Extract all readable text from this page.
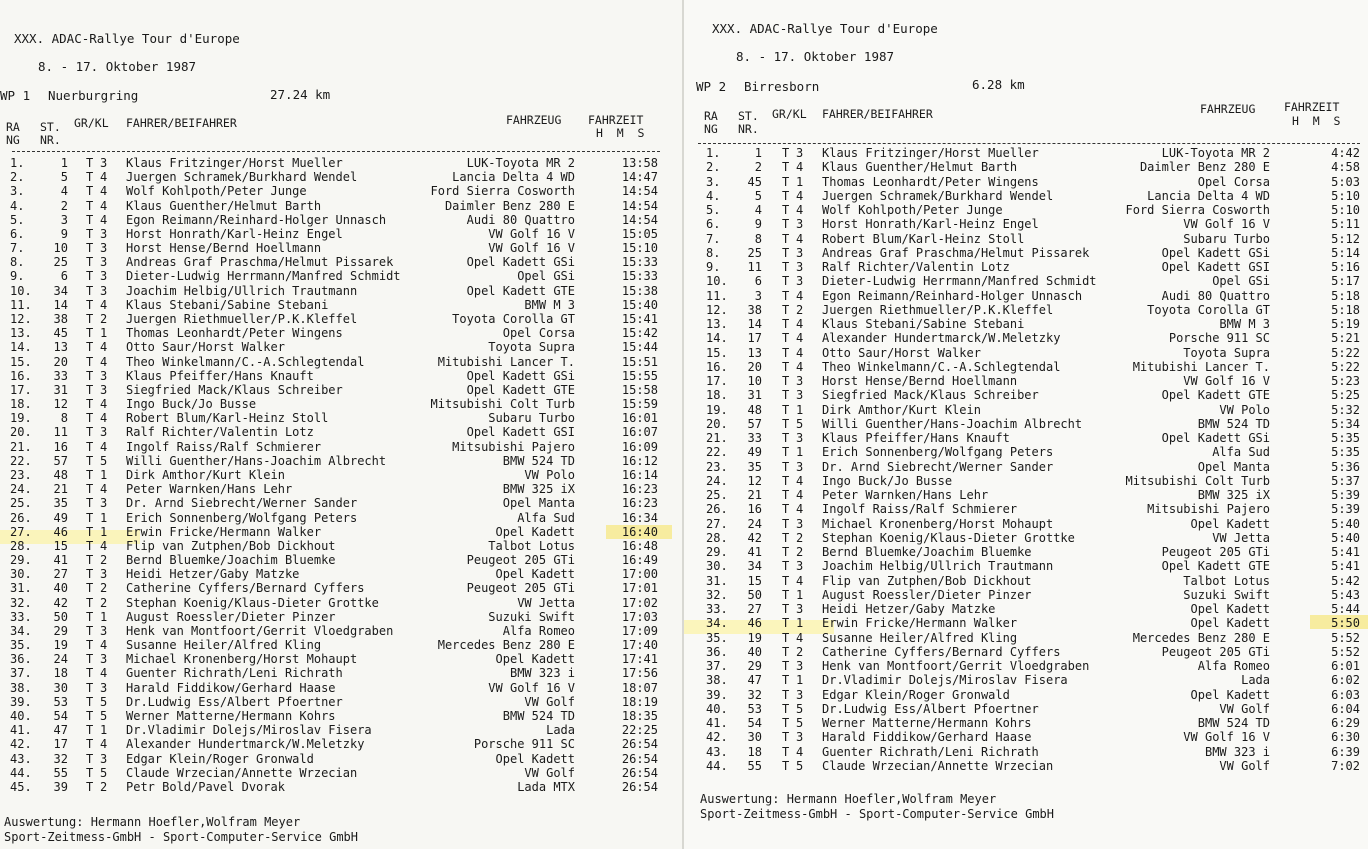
XXX. ADAC-Rallye Tour d'Europe
8. - 17. Oktober 1987
WP 1 Nuerburgring	27.24 km
RA
NG
ST.
NR.
GR/KL FAHRER/BEIFAHRER	FAHRZEUG FAHRZEIT
H  M  S
1.	1 T 3 Klaus Fritzinger/Horst Mueller	LUK-Toyota MR 2	13:58
2.	5 T 4 Juergen Schramek/Burkhard Wendel	Lancia Delta 4 WD	14:47
3.	4 T 4 Wolf Kohlpoth/Peter Junge	Ford Sierra Cosworth	14:54
4.	2 T 4 Klaus Guenther/Helmut Barth	Daimler Benz 280 E	14:54
5.	3 T 4 Egon Reimann/Reinhard-Holger Unnasch	Audi 80 Quattro	14:54
6.	9 T 3 Horst Honrath/Karl-Heinz Engel	VW Golf 16 V	15:05
7. 10 T 3 Horst Hense/Bernd Hoellmann	VW Golf 16 V	15:10
8. 25 T 3 Andreas Graf Praschma/Helmut Pissarek	Opel Kadett GSi	15:33
9.	6 T 3 Dieter-Ludwig Herrmann/Manfred Schmidt	Opel GSi	15:33
10. 34 T 3 Joachim Helbig/Ullrich Trautmann	Opel Kadett GTE	15:38
11. 14 T 4 Klaus Stebani/Sabine Stebani	BMW M 3	15:40
12. 38 T 2 Juergen Riethmueller/P.K.Kleffel	Toyota Corolla GT	15:41
13. 45 T 1 Thomas Leonhardt/Peter Wingens	Opel Corsa	15:42
14. 13 T 4 Otto Saur/Horst Walker	Toyota Supra	15:44
15. 20 T 4 Theo Winkelmann/C.-A.Schlegtendal	Mitubishi Lancer T.	15:51
16. 33 T 3 Klaus Pfeiffer/Hans Knauft	Opel Kadett GSi	15:55
17. 31 T 3 Siegfried Mack/Klaus Schreiber	Opel Kadett GTE	15:58
18. 12 T 4 Ingo Buck/Jo Busse	Mitsubishi Colt Turb	15:59
19. 8 T 4 Robert Blum/Karl-Heinz Stoll	Subaru Turbo	16:01
20. 11 T 3 Ralf Richter/Valentin Lotz	Opel Kadett GSI	16:07
21. 16 T 4 Ingolf Raiss/Ralf Schmierer	Mitsubishi Pajero	16:09
22. 57 T 5 Willi Guenther/Hans-Joachim Albrecht	BMW 524 TD	16:12
23. 48 T 1 Dirk Amthor/Kurt Klein	VW Polo	16:14
24. 21 T 4 Peter Warnken/Hans Lehr	BMW 325 iX	16:23
25. 35 T 3 Dr. Arnd Siebrecht/Werner Sander	Opel Manta	16:23
26. 49 T 1 Erich Sonnenberg/Wolfgang Peters	Alfa Sud	16:34
27. 46 T 1 Erwin Fricke/Hermann Walker	Opel Kadett	16:40
28. 15 T 4 Flip van Zutphen/Bob Dickhout	Talbot Lotus	16:48
29. 41 T 2 Bernd Bluemke/Joachim Bluemke	Peugeot 205 GTi	16:49
30. 27 T 3 Heidi Hetzer/Gaby Matzke	Opel Kadett	17:00
31. 40 T 2 Catherine Cyffers/Bernard Cyffers	Peugeot 205 GTi	17:01
32. 42 T 2 Stephan Koenig/Klaus-Dieter Grottke	VW Jetta	17:02
33. 50 T 1 August Roessler/Dieter Pinzer	Suzuki Swift	17:03
34. 29 T 3 Henk van Montfoort/Gerrit Vloedgraben	Alfa Romeo	17:09
35. 19 T 4 Susanne Heiler/Alfred Kling	Mercedes Benz 280 E	17:40
36. 24 T 3 Michael Kronenberg/Horst Mohaupt	Opel Kadett	17:41
37. 18 T 4 Guenter Richrath/Leni Richrath	BMW 323 i	17:56
38. 30 T 3 Harald Fiddikow/Gerhard Haase	VW Golf 16 V	18:07
39. 53 T 5 Dr.Ludwig Ess/Albert Pfoertner	VW Golf	18:19
40. 54 T 5 Werner Matterne/Hermann Kohrs	BMW 524 TD	18:35
41. 47 T 1 Dr.Vladimir Dolejs/Miroslav Fisera	Lada	22:25
42. 17 T 4 Alexander Hundertmarck/W.Meletzky	Porsche 911 SC	26:54
43. 32 T 3 Edgar Klein/Roger Gronwald	Opel Kadett	26:54
44. 55 T 5 Claude Wrzecian/Annette Wrzecian	VW Golf	26:54
45. 39 T 2 Petr Bold/Pavel Dvorak	Lada MTX	26:54
Auswertung: Hermann Hoefler,Wolfram Meyer
Sport-Zeitmess-GmbH - Sport-Computer-Service GmbH
XXX. ADAC-Rallye Tour d'Europe
8. - 17. Oktober 1987
WP 2 Birresborn	6.28 km
RA
NG
ST.
NR.
GR/KL FAHRER/BEIFAHRER	FAHRZEUG FAHRZEIT
H  M  S
1.	1 T 3 Klaus Fritzinger/Horst Mueller	LUK-Toyota MR 2	4:42
2.	2 T 4 Klaus Guenther/Helmut Barth	Daimler Benz 280 E	4:58
3. 45 T 1 Thomas Leonhardt/Peter Wingens	Opel Corsa	5:03
4.	5 T 4 Juergen Schramek/Burkhard Wendel	Lancia Delta 4 WD	5:10
5.	4 T 4 Wolf Kohlpoth/Peter Junge	Ford Sierra Cosworth	5:10
6.	9 T 3 Horst Honrath/Karl-Heinz Engel	VW Golf 16 V	5:11
7.	8 T 4 Robert Blum/Karl-Heinz Stoll	Subaru Turbo	5:12
8. 25 T 3 Andreas Graf Praschma/Helmut Pissarek	Opel Kadett GSi	5:14
9. 11 T 3 Ralf Richter/Valentin Lotz	Opel Kadett GSI	5:16
10. 6 T 3 Dieter-Ludwig Herrmann/Manfred Schmidt	Opel GSi	5:17
11. 3 T 4 Egon Reimann/Reinhard-Holger Unnasch	Audi 80 Quattro	5:18
12. 38 T 2 Juergen Riethmueller/P.K.Kleffel	Toyota Corolla GT	5:18
13. 14 T 4 Klaus Stebani/Sabine Stebani	BMW M 3	5:19
14. 17 T 4 Alexander Hundertmarck/W.Meletzky	Porsche 911 SC	5:21
15. 13 T 4 Otto Saur/Horst Walker	Toyota Supra	5:22
16. 20 T 4 Theo Winkelmann/C.-A.Schlegtendal	Mitubishi Lancer T.	5:22
17. 10 T 3 Horst Hense/Bernd Hoellmann	VW Golf 16 V	5:23
18. 31 T 3 Siegfried Mack/Klaus Schreiber	Opel Kadett GTE	5:25
19. 48 T 1 Dirk Amthor/Kurt Klein	VW Polo	5:32
20. 57 T 5 Willi Guenther/Hans-Joachim Albrecht	BMW 524 TD	5:34
21. 33 T 3 Klaus Pfeiffer/Hans Knauft	Opel Kadett GSi	5:35
22. 49 T 1 Erich Sonnenberg/Wolfgang Peters	Alfa Sud	5:35
23. 35 T 3 Dr. Arnd Siebrecht/Werner Sander	Opel Manta	5:36
24. 12 T 4 Ingo Buck/Jo Busse	Mitsubishi Colt Turb	5:37
25. 21 T 4 Peter Warnken/Hans Lehr	BMW 325 iX	5:39
26. 16 T 4 Ingolf Raiss/Ralf Schmierer	Mitsubishi Pajero	5:39
27. 24 T 3 Michael Kronenberg/Horst Mohaupt	Opel Kadett	5:40
28. 42 T 2 Stephan Koenig/Klaus-Dieter Grottke	VW Jetta	5:40
29. 41 T 2 Bernd Bluemke/Joachim Bluemke	Peugeot 205 GTi	5:41
30. 34 T 3 Joachim Helbig/Ullrich Trautmann	Opel Kadett GTE	5:41
31. 15 T 4 Flip van Zutphen/Bob Dickhout	Talbot Lotus	5:42
32. 50 T 1 August Roessler/Dieter Pinzer	Suzuki Swift	5:43
33. 27 T 3 Heidi Hetzer/Gaby Matzke	Opel Kadett	5:44
34. 46 T 1 Erwin Fricke/Hermann Walker	Opel Kadett	5:50
35. 19 T 4 Susanne Heiler/Alfred Kling	Mercedes Benz 280 E	5:52
36. 40 T 2 Catherine Cyffers/Bernard Cyffers	Peugeot 205 GTi	5:52
37. 29 T 3 Henk van Montfoort/Gerrit Vloedgraben	Alfa Romeo	6:01
38. 47 T 1 Dr.Vladimir Dolejs/Miroslav Fisera	Lada	6:02
39. 32 T 3 Edgar Klein/Roger Gronwald	Opel Kadett	6:03
40. 53 T 5 Dr.Ludwig Ess/Albert Pfoertner	VW Golf	6:04
41. 54 T 5 Werner Matterne/Hermann Kohrs	BMW 524 TD	6:29
42. 30 T 3 Harald Fiddikow/Gerhard Haase	VW Golf 16 V	6:30
43. 18 T 4 Guenter Richrath/Leni Richrath	BMW 323 i	6:39
44. 55 T 5 Claude Wrzecian/Annette Wrzecian	VW Golf	7:02
Auswertung: Hermann Hoefler,Wolfram Meyer
Sport-Zeitmess-GmbH - Sport-Computer-Service GmbH
